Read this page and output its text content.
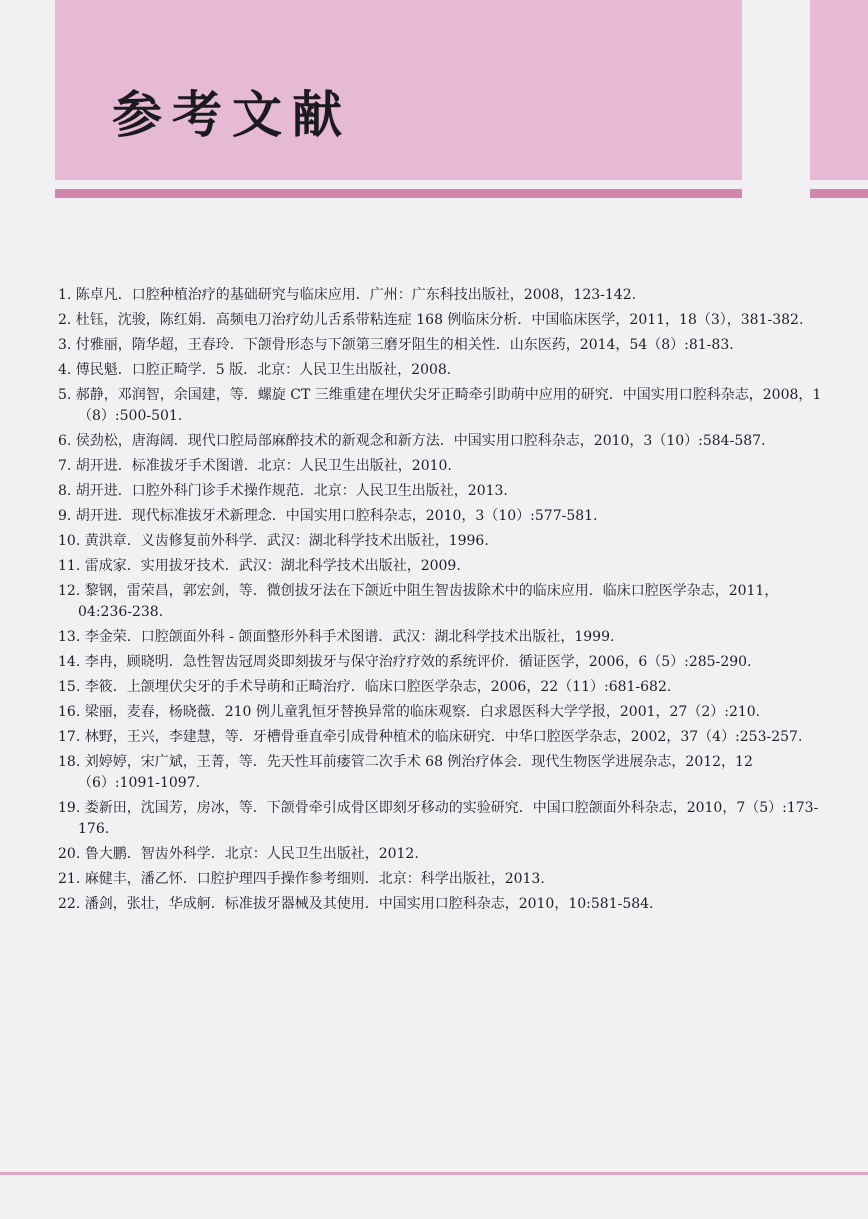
参考文献
1. 陈卓凡．口腔种植治疗的基础研究与临床应用．广州：广东科技出版社，2008，123-142.
2. 杜钰，沈骏，陈红娟．高频电刀治疗幼儿舌系带粘连症 168 例临床分析．中国临床医学，2011，18（3），381-382.
3. 付雅丽，隋华超，王春玲．下颌骨形态与下颌第三磨牙阻生的相关性．山东医药，2014，54（8）:81-83.
4. 傅民魁．口腔正畸学．5 版．北京：人民卫生出版社，2008.
5. 郝静，邓润智，余国建，等．螺旋 CT 三维重建在埋伏尖牙正畸牵引助萌中应用的研究．中国实用口腔科杂志，2008，1（8）:500-501.
6. 侯劲松，唐海阔．现代口腔局部麻醉技术的新观念和新方法．中国实用口腔科杂志，2010，3（10）:584-587.
7. 胡开进．标准拔牙手术图谱．北京：人民卫生出版社，2010.
8. 胡开进．口腔外科门诊手术操作规范．北京：人民卫生出版社，2013.
9. 胡开进．现代标准拔牙术新理念．中国实用口腔科杂志，2010，3（10）:577-581.
10. 黄洪章．义齿修复前外科学．武汉：湖北科学技术出版社，1996.
11. 雷成家．实用拔牙技术．武汉：湖北科学技术出版社，2009.
12. 黎钢，雷荣昌，郭宏剑，等．微创拔牙法在下颌近中阻生智齿拔除术中的临床应用．临床口腔医学杂志，2011，04:236-238.
13. 李金荣．口腔颌面外科 - 颌面整形外科手术图谱．武汉：湖北科学技术出版社，1999.
14. 李冉，顾晓明．急性智齿冠周炎即刻拔牙与保守治疗疗效的系统评价．循证医学，2006，6（5）:285-290.
15. 李筱．上颌埋伏尖牙的手术导萌和正畸治疗．临床口腔医学杂志，2006，22（11）:681-682.
16. 梁丽，麦春，杨晓薇．210 例儿童乳恒牙替换异常的临床观察．白求恩医科大学学报，2001，27（2）:210.
17. 林野，王兴，李建慧，等．牙槽骨垂直牵引成骨种植术的临床研究．中华口腔医学杂志，2002，37（4）:253-257.
18. 刘婷婷，宋广斌，王菁，等．先天性耳前瘘管二次手术 68 例治疗体会．现代生物医学进展杂志，2012，12（6）:1091-1097.
19. 娄新田，沈国芳，房冰，等．下颌骨牵引成骨区即刻牙移动的实验研究．中国口腔颌面外科杂志，2010，7（5）:173-176.
20. 鲁大鹏．智齿外科学．北京：人民卫生出版社，2012.
21. 麻健丰，潘乙怀．口腔护理四手操作参考细则．北京：科学出版社，2013.
22. 潘剑，张壮，华成舸．标准拔牙器械及其使用．中国实用口腔科杂志，2010，10:581-584.
